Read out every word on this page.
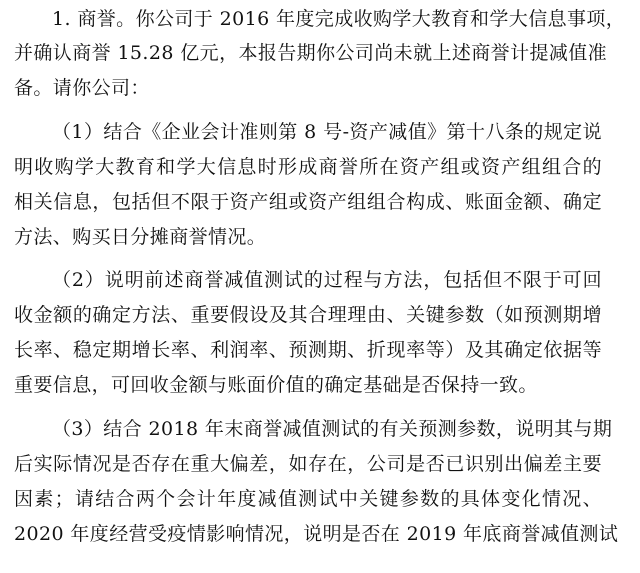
1. 商誉。你公司于 2016 年度完成收购学大教育和学大信息事项，
并确认商誉 15.28 亿元，本报告期你公司尚未就上述商誉计提减值准
备。请你公司：
（1）结合《企业会计准则第 8 号-资产减值》第十八条的规定说
明收购学大教育和学大信息时形成商誉所在资产组或资产组组合的
相关信息，包括但不限于资产组或资产组组合构成、账面金额、确定
方法、购买日分摊商誉情况。
（2）说明前述商誉减值测试的过程与方法，包括但不限于可回
收金额的确定方法、重要假设及其合理理由、关键参数（如预测期增
长率、稳定期增长率、利润率、预测期、折现率等）及其确定依据等
重要信息，可回收金额与账面价值的确定基础是否保持一致。
（3）结合 2018 年末商誉减值测试的有关预测参数，说明其与期
后实际情况是否存在重大偏差，如存在，公司是否已识别出偏差主要
因素；请结合两个会计年度减值测试中关键参数的具体变化情况、
2020 年度经营受疫情影响情况，说明是否在 2019 年底商誉减值测试
